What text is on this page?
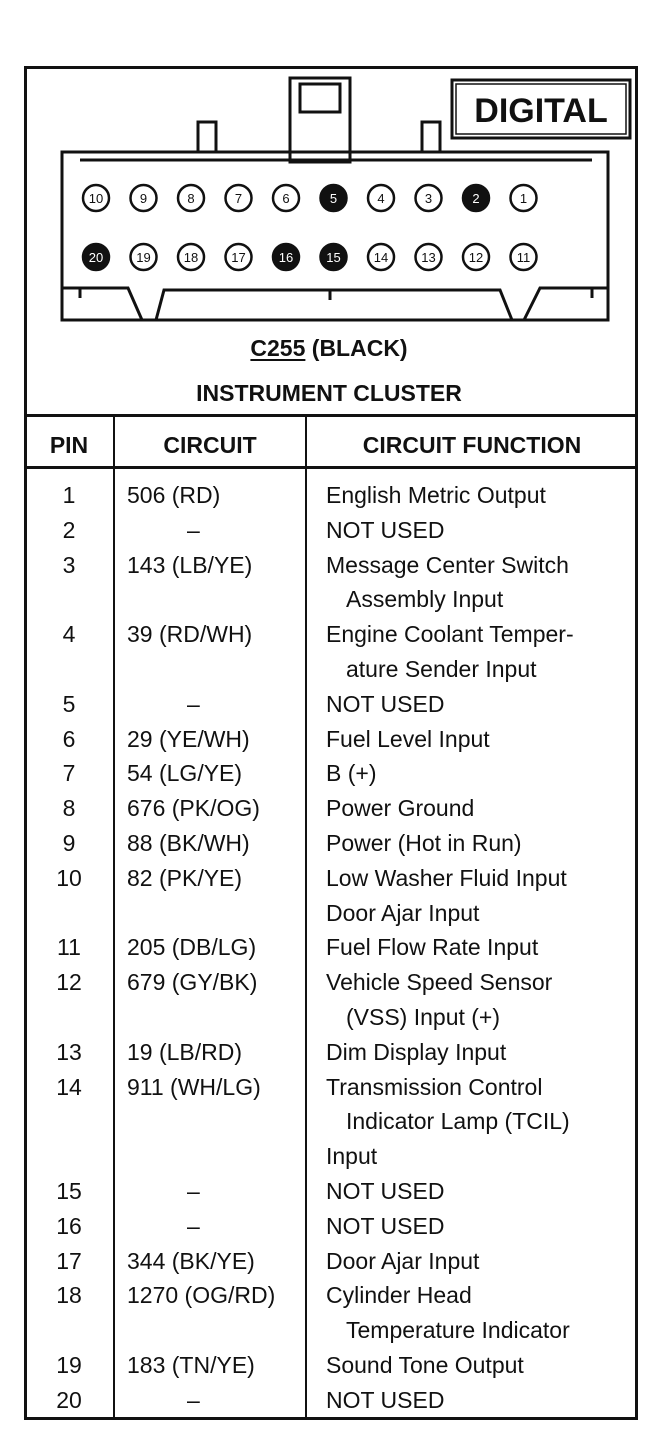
DIGITAL
10	9	8	7	6	5	4	3	2	1
20	19	18	17	16	15	14	13	12	11
C255 (BLACK)
INSTRUMENT CLUSTER
PIN	CIRCUIT	CIRCUIT FUNCTION
1	506 (RD)	English Metric Output
2	–	NOT USED
3	143 (LB/YE)	Message Center Switch
Assembly Input
4	39 (RD/WH)	Engine Coolant Temper-
ature Sender Input
5	–	NOT USED
6	29 (YE/WH)	Fuel Level Input
7	54 (LG/YE)	B (+)
8	676 (PK/OG)	Power Ground
9	88 (BK/WH)	Power (Hot in Run)
10	82 (PK/YE)	Low Washer Fluid Input
Door Ajar Input
11	205 (DB/LG)	Fuel Flow Rate Input
12	679 (GY/BK)	Vehicle Speed Sensor
(VSS) Input (+)
13	19 (LB/RD)	Dim Display Input
14	911 (WH/LG)	Transmission Control
Indicator Lamp (TCIL)
Input
15	–	NOT USED
16	–	NOT USED
17	344 (BK/YE)	Door Ajar Input
18	1270 (OG/RD)	Cylinder Head
Temperature Indicator
19	183 (TN/YE)	Sound Tone Output
20	–	NOT USED
